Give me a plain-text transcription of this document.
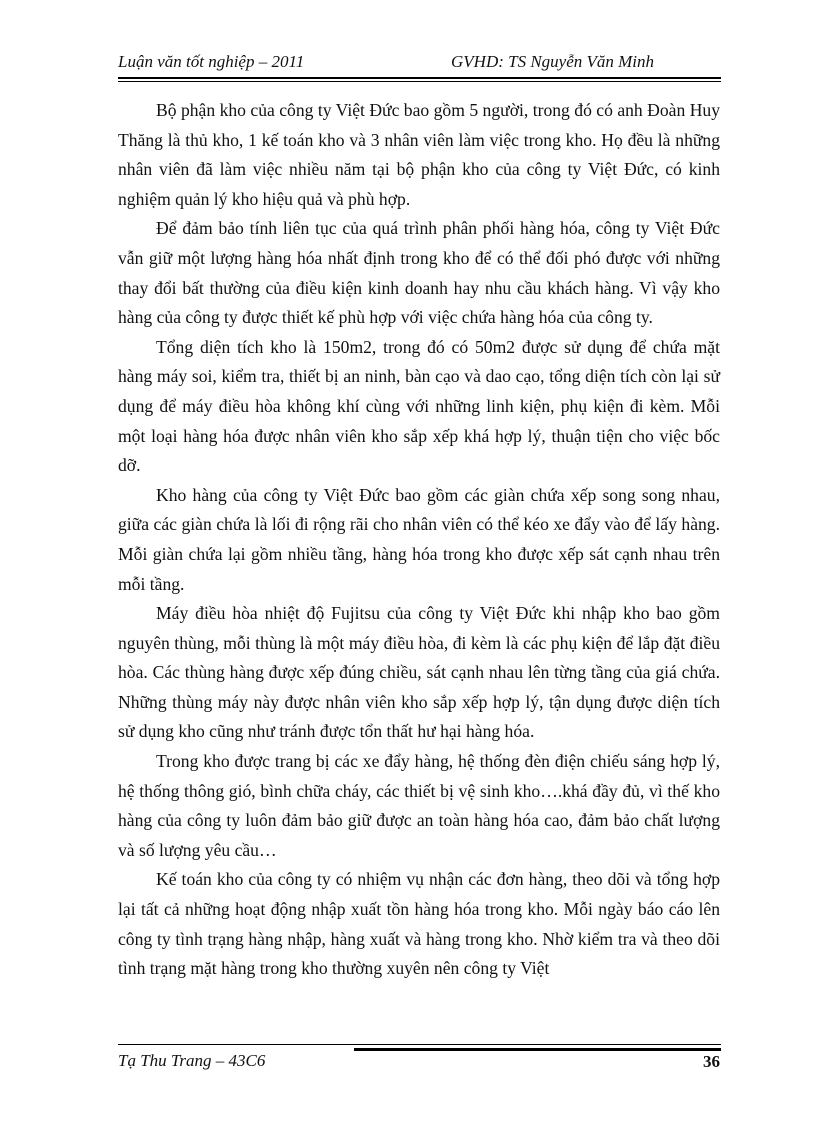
Luận văn tốt nghiệp – 2011	GVHD: TS Nguyễn Văn Minh

Bộ phận kho của công ty Việt Đức bao gồm 5 người, trong đó có anh Đoàn Huy Thăng là thủ kho, 1 kế toán kho và 3 nhân viên làm việc trong kho. Họ đều là những nhân viên đã làm việc nhiều năm tại bộ phận kho của công ty Việt Đức, có kinh nghiệm quản lý kho hiệu quả và phù hợp.

Để đảm bảo tính liên tục của quá trình phân phối hàng hóa, công ty Việt Đức vẫn giữ một lượng hàng hóa nhất định trong kho để có thể đối phó được với những thay đổi bất thường của điều kiện kinh doanh hay nhu cầu khách hàng. Vì vậy kho hàng của công ty được thiết kế phù hợp với việc chứa hàng hóa của công ty.

Tổng diện tích kho là 150m2, trong đó có 50m2 được sử dụng để chứa mặt hàng máy soi, kiểm tra, thiết bị an ninh, bàn cạo và dao cạo, tổng diện tích còn lại sử dụng để máy điều hòa không khí cùng với những linh kiện, phụ kiện đi kèm. Mỗi một loại hàng hóa được nhân viên kho sắp xếp khá hợp lý, thuận tiện cho việc bốc dỡ.

Kho hàng của công ty Việt Đức bao gồm các giàn chứa xếp song song nhau, giữa các giàn chứa là lối đi rộng rãi cho nhân viên có thể kéo xe đẩy vào để lấy hàng. Mỗi giàn chứa lại gồm nhiều tầng, hàng hóa trong kho được xếp sát cạnh nhau trên mỗi tầng.

Máy điều hòa nhiệt độ Fujitsu của công ty Việt Đức khi nhập kho bao gồm nguyên thùng, mỗi thùng là một máy điều hòa, đi kèm là các phụ kiện để lắp đặt điều hòa. Các thùng hàng được xếp đúng chiều, sát cạnh nhau lên từng tầng của giá chứa. Những thùng máy này được nhân viên kho sắp xếp hợp lý, tận dụng được diện tích sử dụng kho cũng như tránh được tổn thất hư hại hàng hóa.

Trong kho được trang bị các xe đẩy hàng, hệ thống đèn điện chiếu sáng hợp lý, hệ thống thông gió, bình chữa cháy, các thiết bị vệ sinh kho….khá đầy đủ, vì thế kho hàng của công ty luôn đảm bảo giữ được an toàn hàng hóa cao, đảm bảo chất lượng và số lượng yêu cầu…

Kế toán kho của công ty có nhiệm vụ nhận các đơn hàng, theo dõi và tổng hợp lại tất cả những hoạt động nhập xuất tồn hàng hóa trong kho. Mỗi ngày báo cáo lên công ty tình trạng hàng nhập, hàng xuất và hàng trong kho. Nhờ kiểm tra và theo dõi tình trạng mặt hàng trong kho thường xuyên nên công ty Việt

Tạ Thu Trang – 43C6	36
